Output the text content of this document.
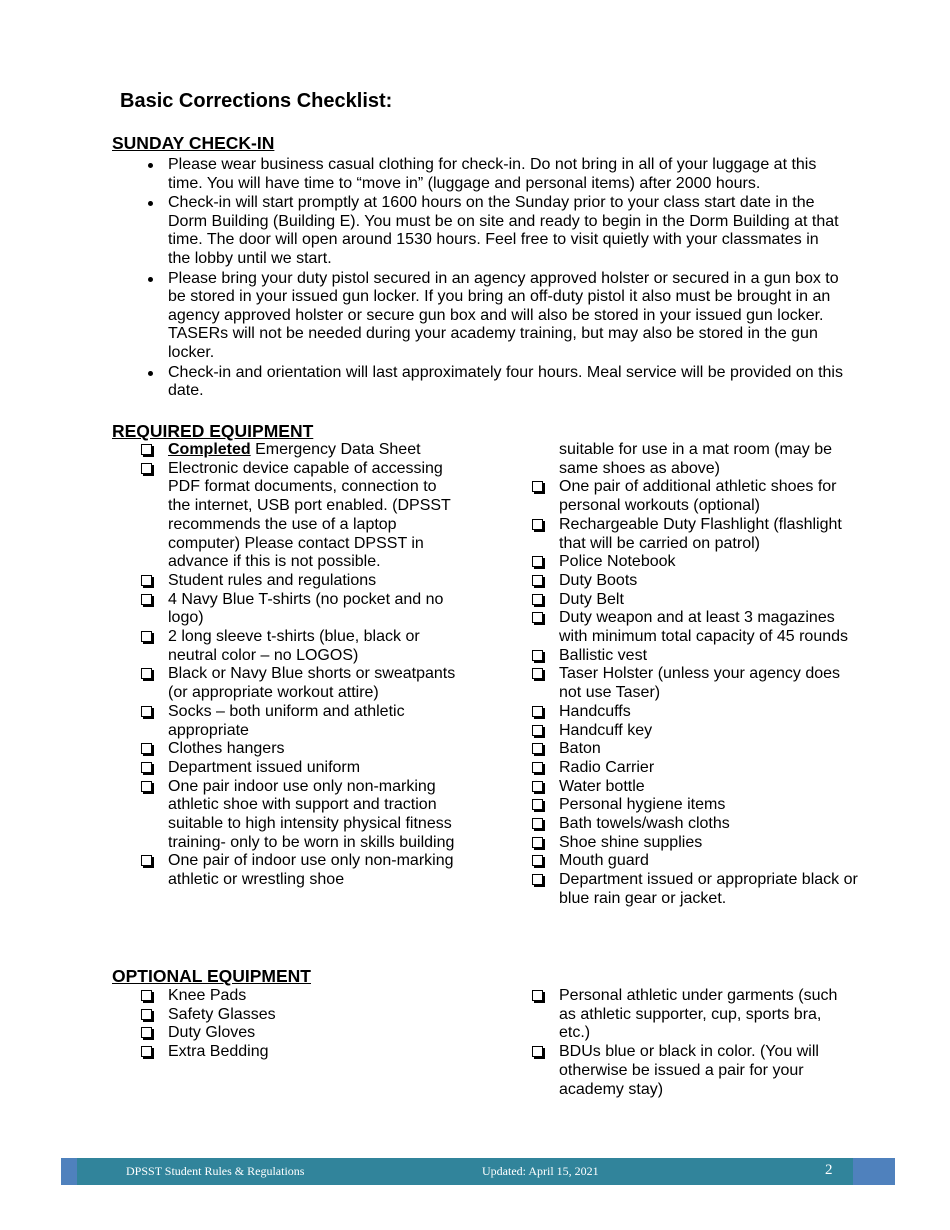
Basic Corrections Checklist:
SUNDAY CHECK-IN
Please wear business casual clothing for check-in. Do not bring in all of your luggage at this time. You will have time to “move in” (luggage and personal items) after 2000 hours.
Check-in will start promptly at 1600 hours on the Sunday prior to your class start date in the Dorm Building (Building E). You must be on site and ready to begin in the Dorm Building at that time. The door will open around 1530 hours. Feel free to visit quietly with your classmates in the lobby until we start.
Please bring your duty pistol secured in an agency approved holster or secured in a gun box to be stored in your issued gun locker. If you bring an off-duty pistol it also must be brought in an agency approved holster or secure gun box and will also be stored in your issued gun locker. TASERs will not be needed during your academy training, but may also be stored in the gun locker.
Check-in and orientation will last approximately four hours. Meal service will be provided on this date.
REQUIRED EQUIPMENT
Completed Emergency Data Sheet
Electronic device capable of accessing PDF format documents, connection to the internet, USB port enabled. (DPSST recommends the use of a laptop computer) Please contact DPSST in advance if this is not possible.
Student rules and regulations
4 Navy Blue T-shirts (no pocket and no logo)
2 long sleeve t-shirts (blue, black or neutral color – no LOGOS)
Black or Navy Blue shorts or sweatpants (or appropriate workout attire)
Socks – both uniform and athletic appropriate
Clothes hangers
Department issued uniform
One pair indoor use only non-marking athletic shoe with support and traction suitable to high intensity physical fitness training- only to be worn in skills building
One pair of indoor use only non-marking athletic or wrestling shoe
suitable for use in a mat room (may be same shoes as above)
One pair of additional athletic shoes for personal workouts (optional)
Rechargeable Duty Flashlight (flashlight that will be carried on patrol)
Police Notebook
Duty Boots
Duty Belt
Duty weapon and at least 3 magazines with minimum total capacity of 45 rounds
Ballistic vest
Taser Holster (unless your agency does not use Taser)
Handcuffs
Handcuff key
Baton
Radio Carrier
Water bottle
Personal hygiene items
Bath towels/wash cloths
Shoe shine supplies
Mouth guard
Department issued or appropriate black or blue rain gear or jacket.
OPTIONAL EQUIPMENT
Knee Pads
Safety Glasses
Duty Gloves
Extra Bedding
Personal athletic under garments (such as athletic supporter, cup, sports bra, etc.)
BDUs blue or black in color. (You will otherwise be issued a pair for your academy stay)
DPSST Student Rules & Regulations	Updated: April 15, 2021	2
